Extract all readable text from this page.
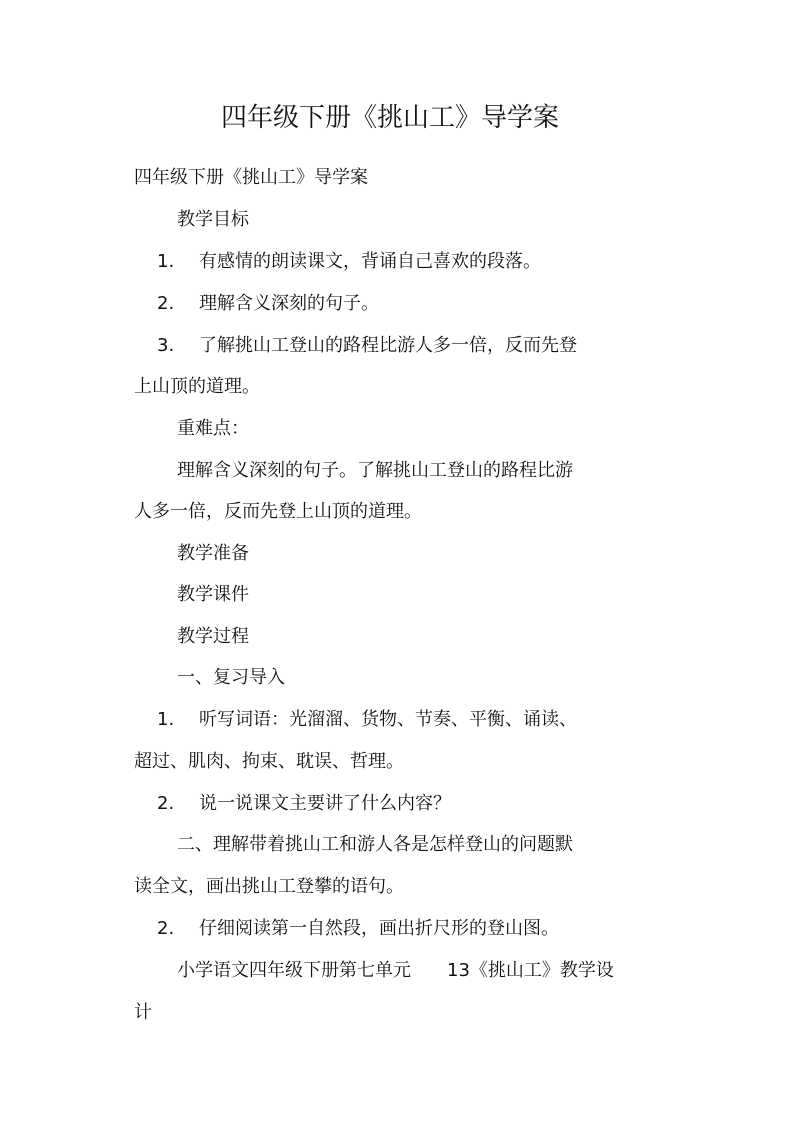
四年级下册《挑山工》导学案
四年级下册《挑山工》导学案
教学目标
1. 有感情的朗读课文，背诵自己喜欢的段落。
2. 理解含义深刻的句子。
3. 了解挑山工登山的路程比游人多一倍，反而先登
上山顶的道理。
重难点：
理解含义深刻的句子。了解挑山工登山的路程比游
人多一倍，反而先登上山顶的道理。
教学准备
教学课件
教学过程
一、复习导入
1. 听写词语：光溜溜、货物、节奏、平衡、诵读、
超过、肌肉、拘束、耽误、哲理。
2. 说一说课文主要讲了什么内容？
二、理解带着挑山工和游人各是怎样登山的问题默
读全文，画出挑山工登攀的语句。
2. 仔细阅读第一自然段，画出折尺形的登山图。
小学语文四年级下册第七单元 13《挑山工》教学设
计
